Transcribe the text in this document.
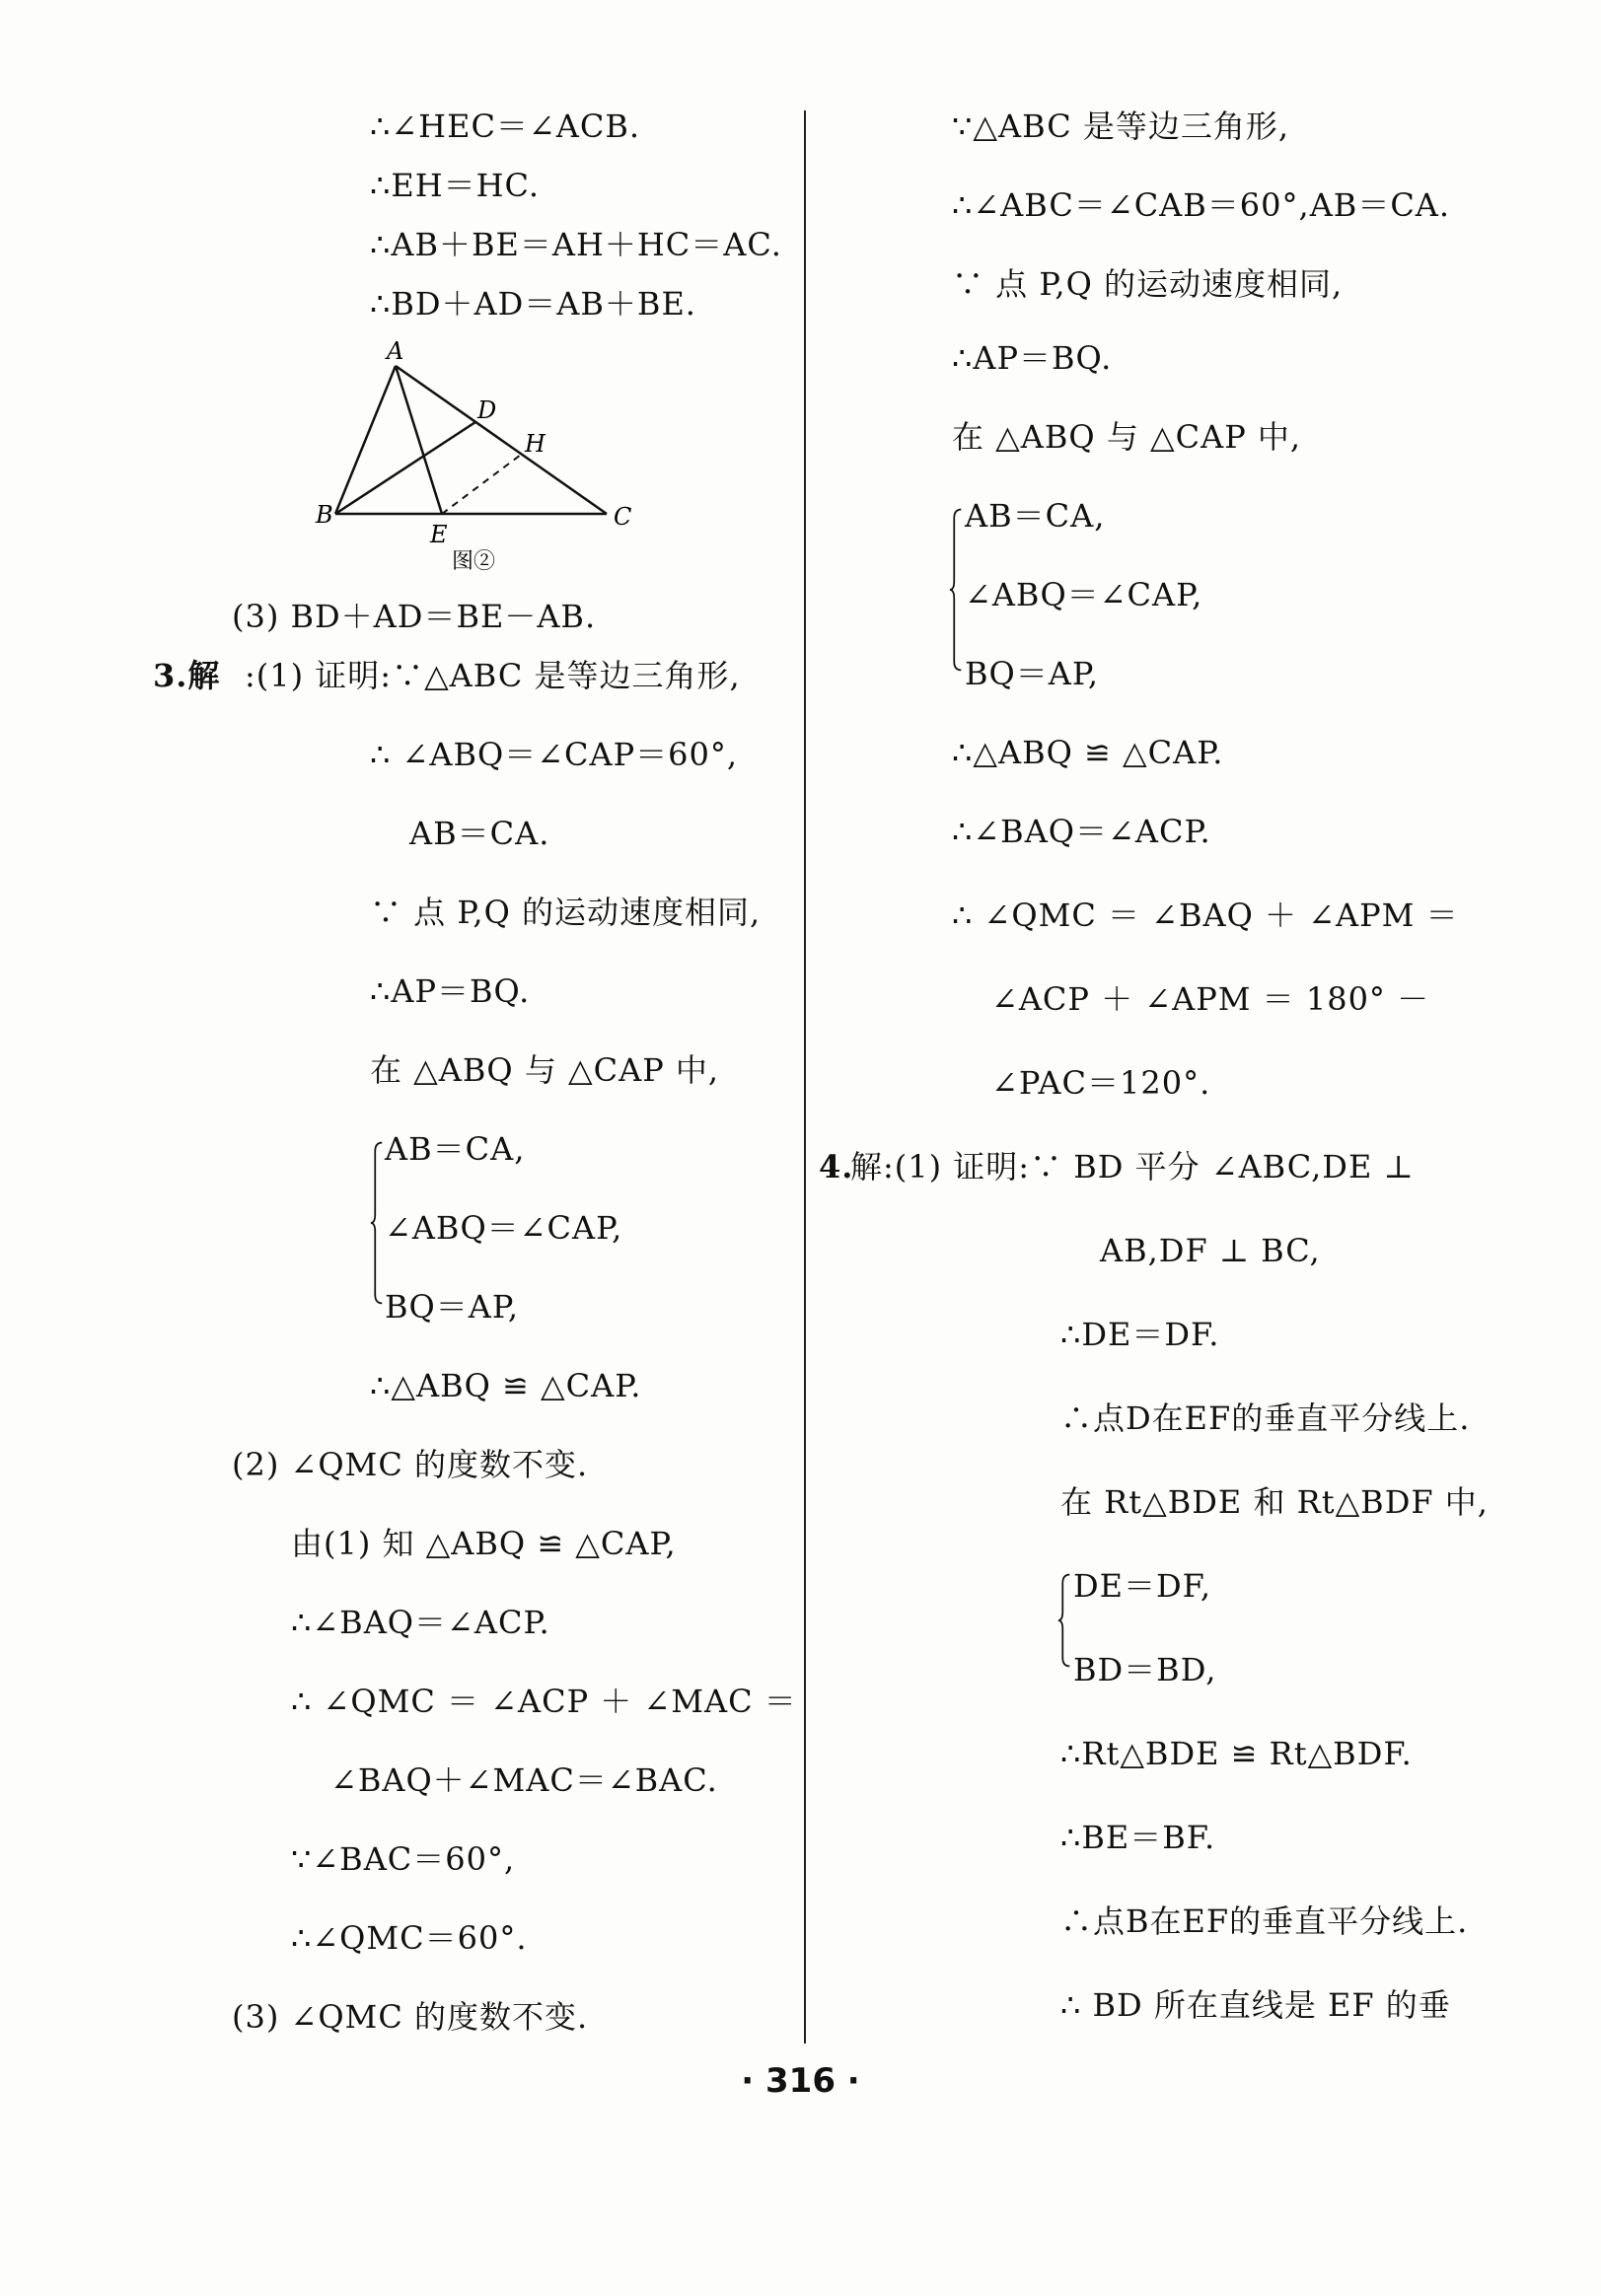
∴∠HEC＝∠ACB.
∴EH＝HC.
∴AB＋BE＝AH＋HC＝AC.
∴BD＋AD＝AB＋BE.
A
B	C
D
E
H
图②
(3) BD＋AD＝BE－AB.
3.解 :(1) 证明:∵△ABC 是等边三角形,
∴ ∠ABQ＝∠CAP＝60°,
AB＝CA.
∵ 点 P,Q 的运动速度相同,
∴AP＝BQ.
在 △ABQ 与 △CAP 中,
AB＝CA,
∠ABQ＝∠CAP,
BQ＝AP,
∴△ABQ ≌ △CAP.
(2) ∠QMC 的度数不变.
由(1) 知 △ABQ ≌ △CAP,
∴∠BAQ＝∠ACP.
∴ ∠QMC ＝ ∠ACP ＋ ∠MAC ＝
∠BAQ＋∠MAC＝∠BAC.
∵∠BAC＝60°,
∴∠QMC＝60°.
(3) ∠QMC 的度数不变.
∵△ABC 是等边三角形,
∴∠ABC＝∠CAB＝60°,AB＝CA.
∵ 点 P,Q 的运动速度相同,
∴AP＝BQ.
在 △ABQ 与 △CAP 中,
AB＝CA,
∠ABQ＝∠CAP,
BQ＝AP,
∴△ABQ ≌ △CAP.
∴∠BAQ＝∠ACP.
∴ ∠QMC ＝ ∠BAQ ＋ ∠APM ＝
∠ACP ＋ ∠APM ＝ 180° －
∠PAC＝120°.
4.
解:(1) 证明:∵ BD 平分 ∠ABC,DE ⊥
AB,DF ⊥ BC,
∴DE＝DF.
∴点D在EF的垂直平分线上.
在 Rt△BDE 和 Rt△BDF 中,
DE＝DF,
BD＝BD,
∴Rt△BDE ≌ Rt△BDF.
∴BE＝BF.
∴点B在EF的垂直平分线上.
∴ BD 所在直线是 EF 的垂
· 316 ·
